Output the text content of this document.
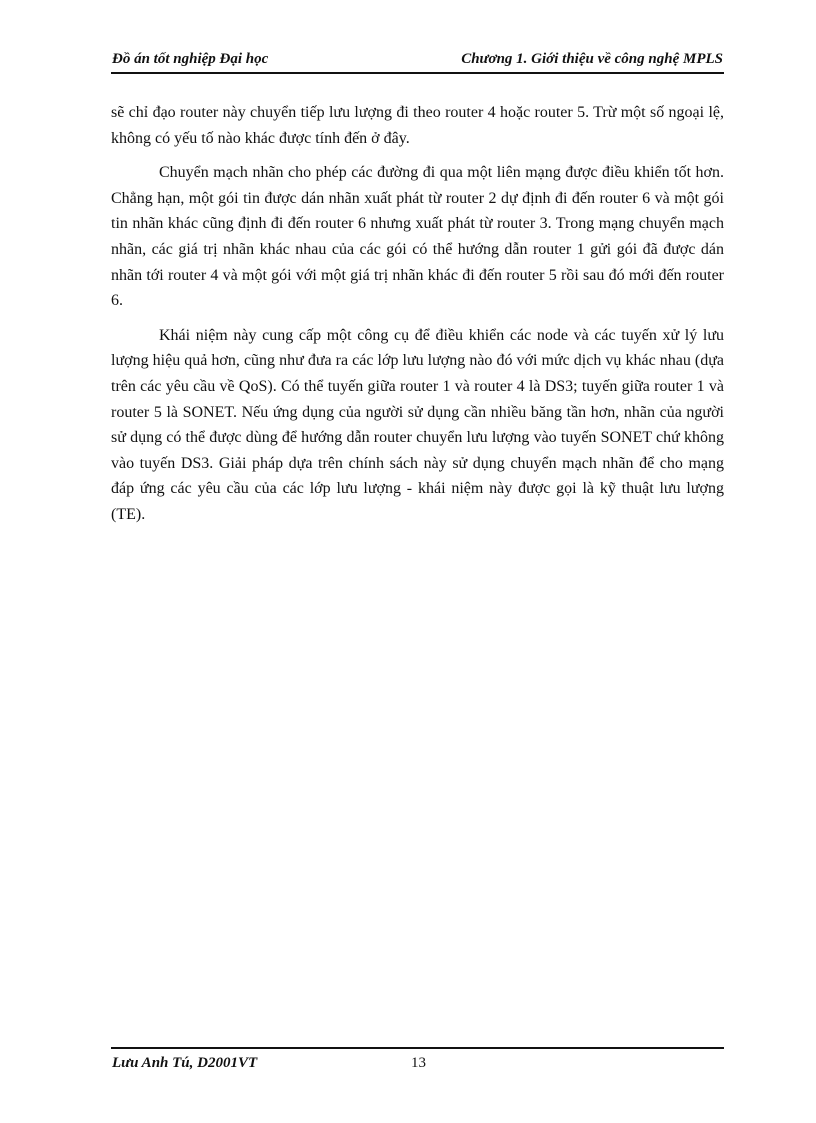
Đồ án tốt nghiệp Đại học	Chương 1. Giới thiệu về công nghệ MPLS

sẽ chỉ đạo router này chuyển tiếp lưu lượng đi theo router 4 hoặc router 5. Trừ một số ngoại lệ, không có yếu tố nào khác được tính đến ở đây.

Chuyển mạch nhãn cho phép các đường đi qua một liên mạng được điều khiển tốt hơn. Chẳng hạn, một gói tin được dán nhãn xuất phát từ router 2 dự định đi đến router 6 và một gói tin nhãn khác cũng định đi đến router 6 nhưng xuất phát từ router 3. Trong mạng chuyển mạch nhãn, các giá trị nhãn khác nhau của các gói có thể hướng dẫn router 1 gửi gói đã được dán nhãn tới router 4 và một gói với một giá trị nhãn khác đi đến router 5 rồi sau đó mới đến router 6.

Khái niệm này cung cấp một công cụ để điều khiển các node và các tuyến xử lý lưu lượng hiệu quả hơn, cũng như đưa ra các lớp lưu lượng nào đó với mức dịch vụ khác nhau (dựa trên các yêu cầu về QoS). Có thể tuyến giữa router 1 và router 4 là DS3; tuyến giữa router 1 và router 5 là SONET. Nếu ứng dụng của người sử dụng cần nhiều băng tần hơn, nhãn của người sử dụng có thể được dùng để hướng dẫn router chuyển lưu lượng vào tuyến SONET chứ không vào tuyến DS3. Giải pháp dựa trên chính sách này sử dụng chuyển mạch nhãn để cho mạng đáp ứng các yêu cầu của các lớp lưu lượng - khái niệm này được gọi là kỹ thuật lưu lượng (TE).

Lưu Anh Tú, D2001VT	13
